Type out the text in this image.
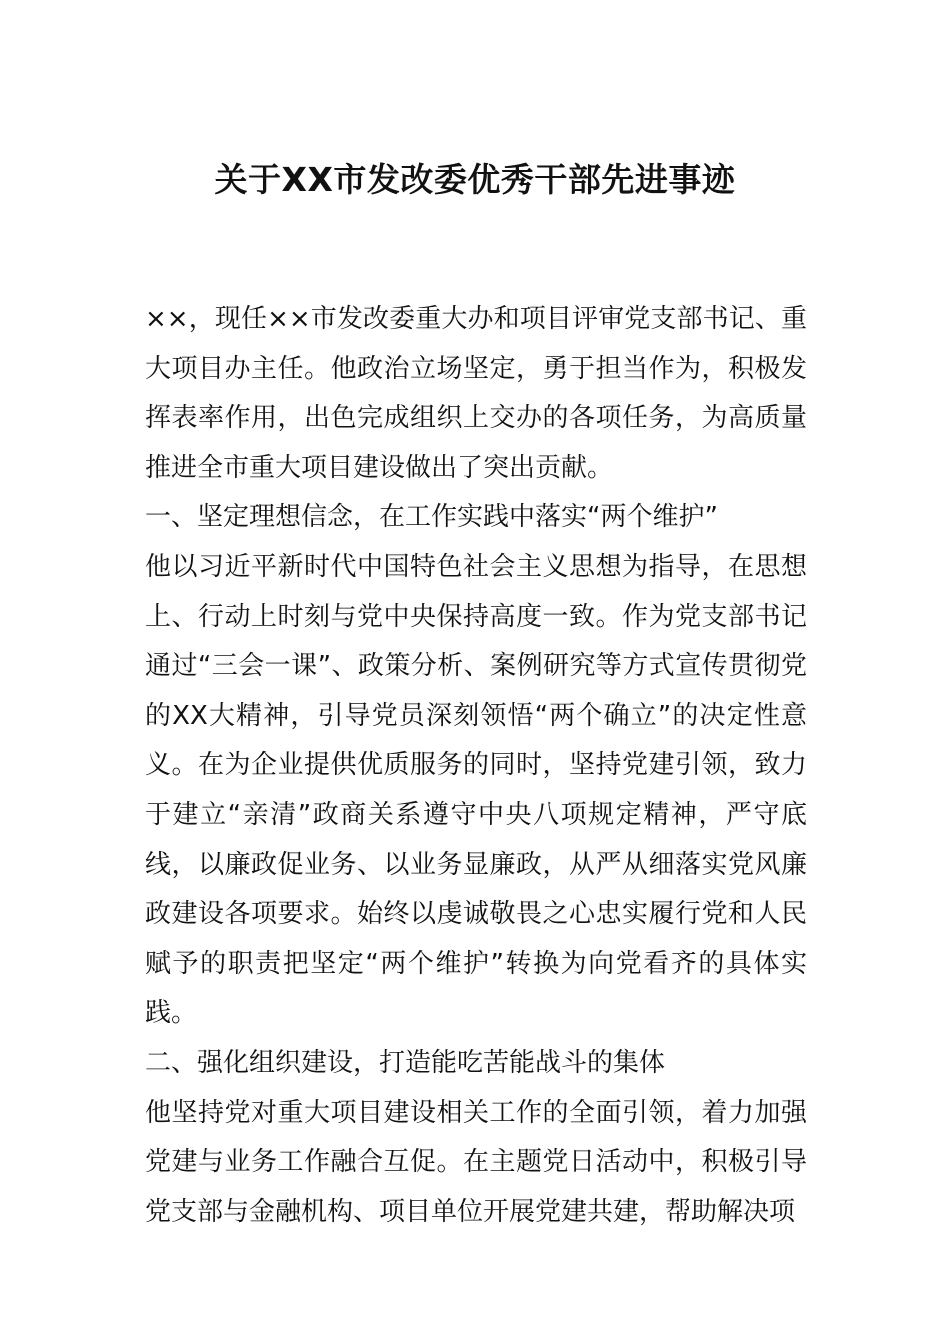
关于XX市发改委优秀干部先进事迹

××，现任××市发改委重大办和项目评审党支部书记、重大项目办主任。他政治立场坚定，勇于担当作为，积极发挥表率作用，出色完成组织上交办的各项任务，为高质量推进全市重大项目建设做出了突出贡献。

一、坚定理想信念，在工作实践中落实“两个维护”

他以习近平新时代中国特色社会主义思想为指导，在思想上、行动上时刻与党中央保持高度一致。作为党支部书记通过“三会一课”、政策分析、案例研究等方式宣传贯彻党的XX大精神，引导党员深刻领悟“两个确立”的决定性意义。在为企业提供优质服务的同时，坚持党建引领，致力于建立“亲清”政商关系遵守中央八项规定精神，严守底线，以廉政促业务、以业务显廉政，从严从细落实党风廉政建设各项要求。始终以虔诚敬畏之心忠实履行党和人民赋予的职责把坚定“两个维护”转换为向党看齐的具体实践。

二、强化组织建设，打造能吃苦能战斗的集体

他坚持党对重大项目建设相关工作的全面引领，着力加强党建与业务工作融合互促。在主题党日活动中，积极引导党支部与金融机构、项目单位开展党建共建，帮助解决项
